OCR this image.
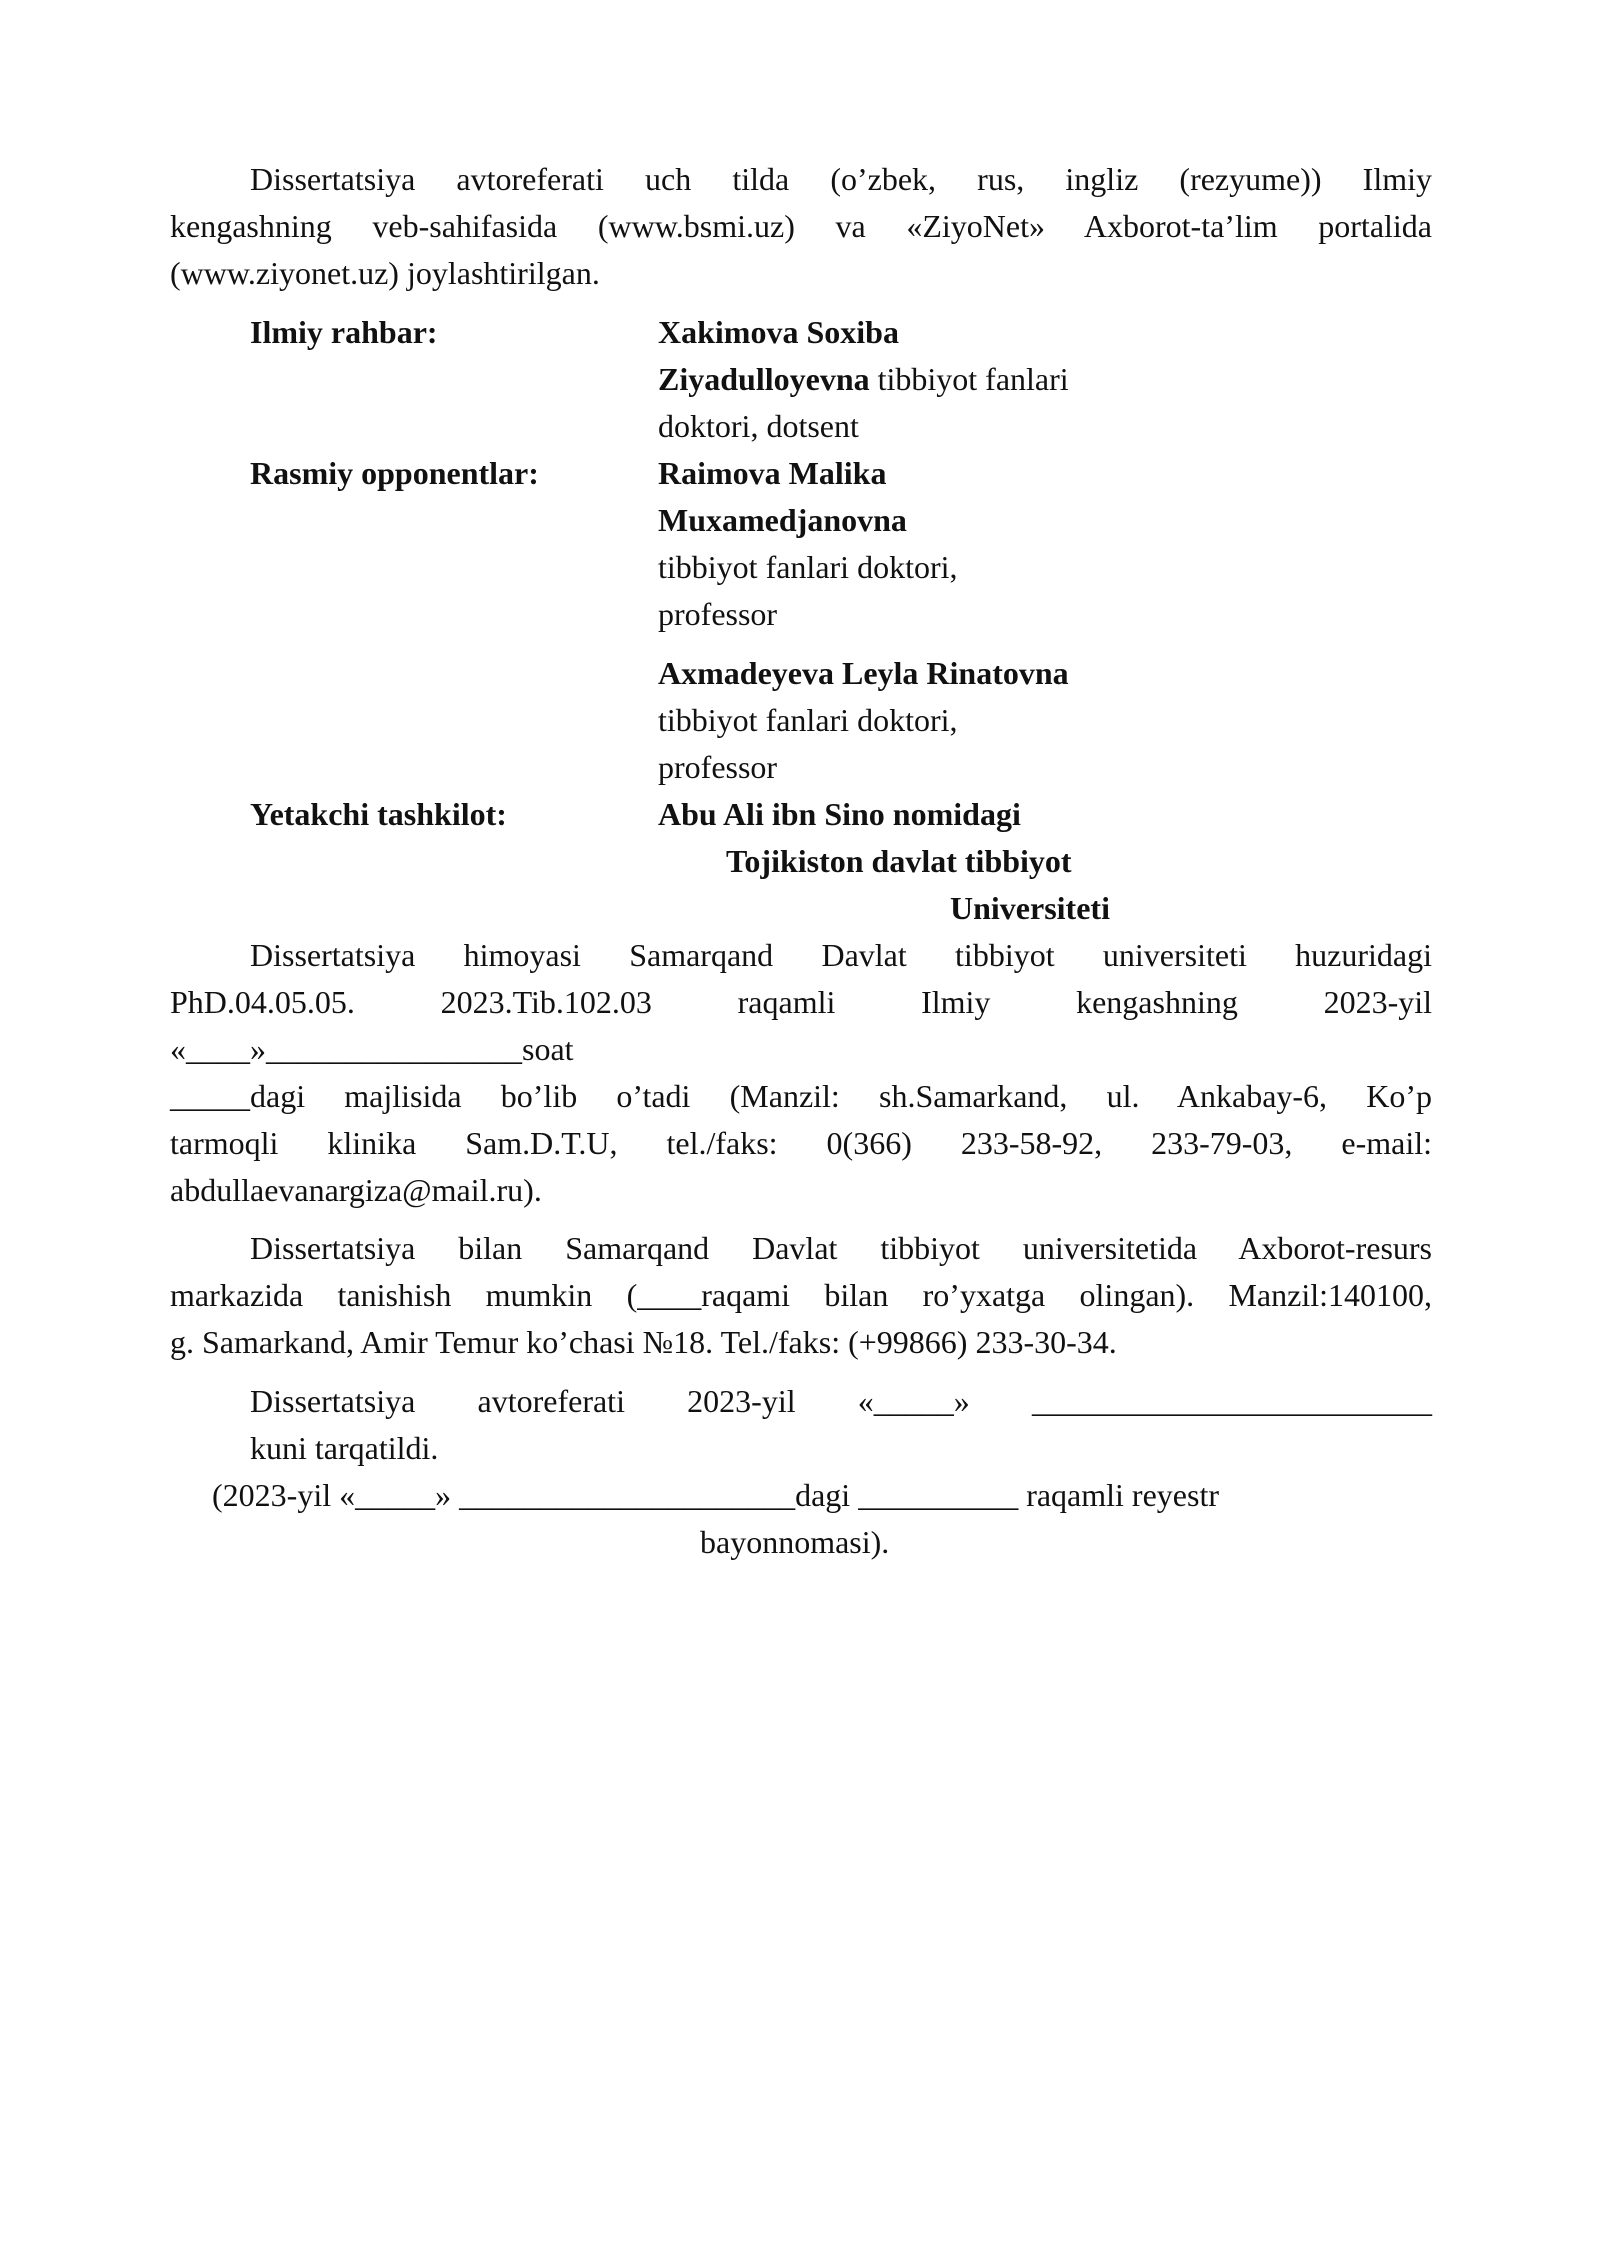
Dissertatsiya avtoreferati uch tilda (o’zbek, rus, ingliz (rezyume)) Ilmiy
kengashning veb-sahifasida (www.bsmi.uz) va «ZiyoNet» Axborot-ta’lim portalida
(www.ziyonet.uz) joylashtirilgan.
Ilmiy rahbar:	Xakimova Soxiba
Ziyadulloyevna tibbiyot fanlari
doktori, dotsent
Rasmiy opponentlar:	Raimova Malika
Muxamedjanovna
tibbiyot fanlari doktori,
professor
Axmadeyeva Leyla Rinatovna
tibbiyot fanlari doktori,
professor
Yetakchi tashkilot:	Abu Ali ibn Sino nomidagi
Tojikiston davlat tibbiyot
Universiteti
Dissertatsiya himoyasi Samarqand Davlat tibbiyot universiteti huzuridagi
PhD.04.05.05. 2023.Tib.102.03 raqamli Ilmiy kengashning 2023-yil
«____»________________soat
_____dagi majlisida bo’lib o’tadi (Manzil: sh.Samarkand, ul. Ankabay-6, Ko’p
tarmoqli klinika Sam.D.T.U, tel./faks: 0(366) 233-58-92, 233-79-03, e-mail:
abdullaevanargiza@mail.ru).
Dissertatsiya bilan Samarqand Davlat tibbiyot universitetida Axborot-resurs
markazida tanishish mumkin (____raqami bilan ro’yxatga olingan). Manzil:140100,
g. Samarkand, Amir Temur ko’chasi №18. Tel./faks: (+99866) 233-30-34.
Dissertatsiya avtoreferati 2023-yil «_____» _________________________
kuni tarqatildi.
(2023-yil «_____» _____________________dagi __________ raqamli reyestr
bayonnomasi).
